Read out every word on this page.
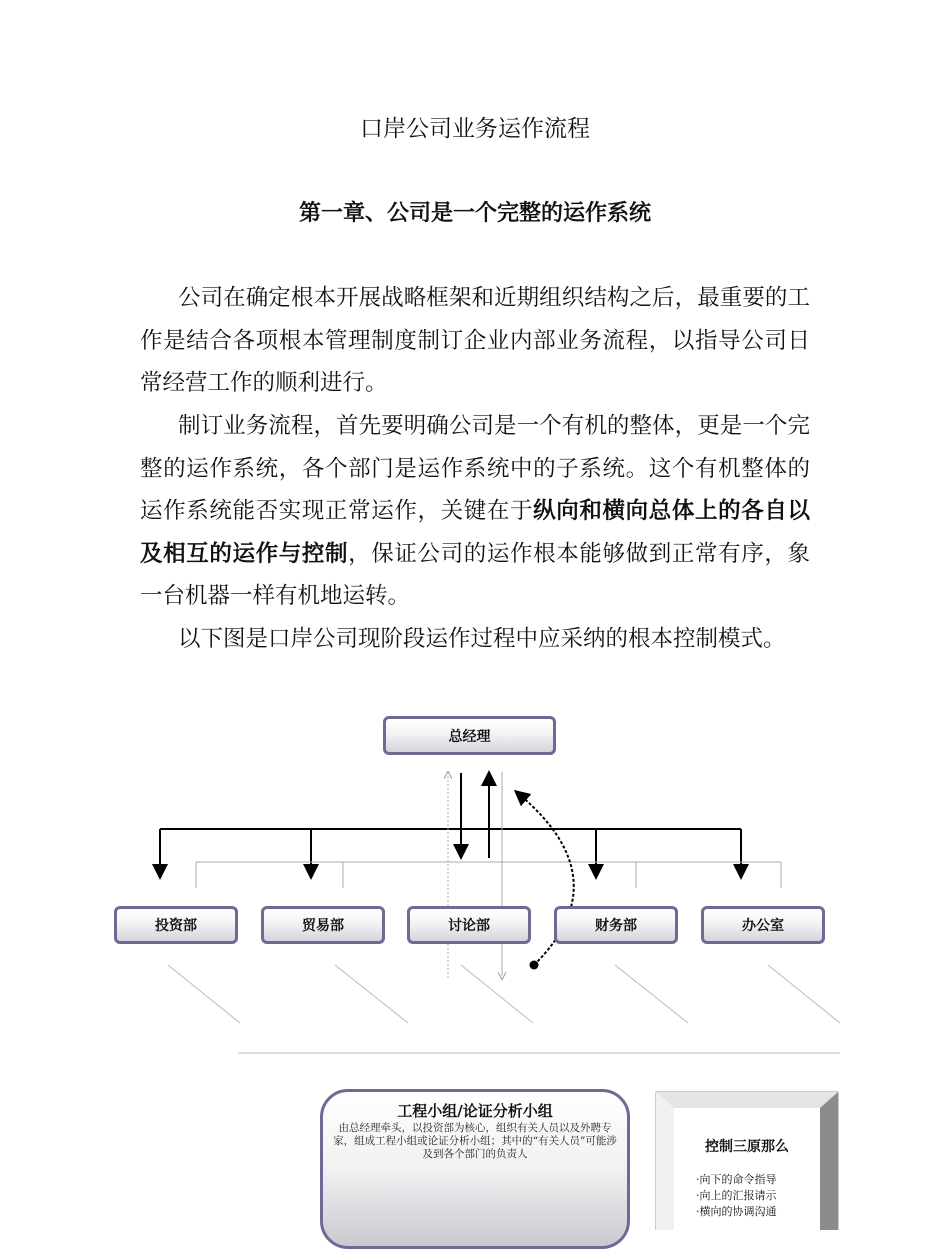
口岸公司业务运作流程
第一章、公司是一个完整的运作系统

公司在确定根本开展战略框架和近期组织结构之后，最重要的工作是结合各项根本管理制度制订企业内部业务流程，以指导公司日常经营工作的顺利进行。

制订业务流程，首先要明确公司是一个有机的整体，更是一个完整的运作系统，各个部门是运作系统中的子系统。这个有机整体的运作系统能否实现正常运作，关键在于纵向和横向总体上的各自以及相互的运作与控制，保证公司的运作根本能够做到正常有序，象一台机器一样有机地运转。

以下图是口岸公司现阶段运作过程中应采纳的根本控制模式。

总经理
投资部	贸易部	讨论部	财务部	办公室
工程小组/论证分析小组
由总经理牵头，以投资部为核心，组织有关人员以及外聘专家，组成工程小组或论证分析小组；其中的“有关人员”可能涉及到各个部门的负责人	控制三原那么
·向下的命令指导
·向上的汇报请示
·横向的协调沟通
